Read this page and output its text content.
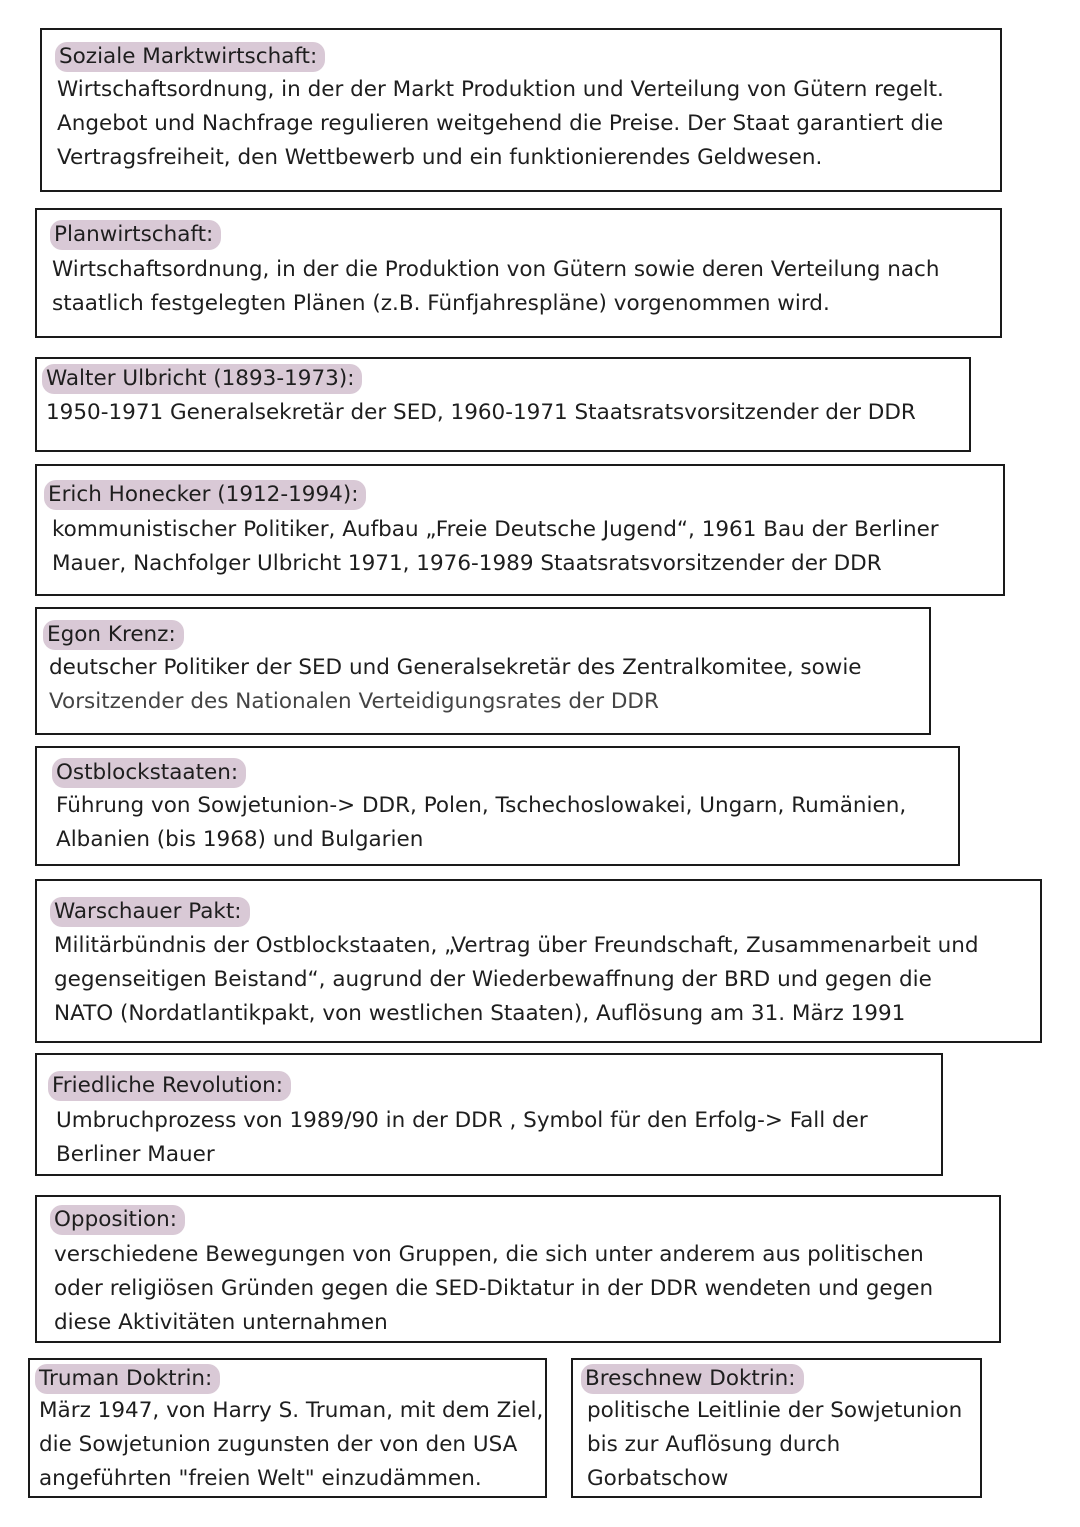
Soziale Marktwirtschaft:

Wirtschaftsordnung, in der der Markt Produktion und Verteilung von Gütern regelt.

Angebot und Nachfrage regulieren weitgehend die Preise. Der Staat garantiert die

Vertragsfreiheit, den Wettbewerb und ein funktionierendes Geldwesen.

Planwirtschaft:

Wirtschaftsordnung, in der die Produktion von Gütern sowie deren Verteilung nach

staatlich festgelegten Plänen (z.B. Fünfjahrespläne) vorgenommen wird.

Walter Ulbricht (1893-1973):

1950-1971 Generalsekretär der SED, 1960-1971 Staatsratsvorsitzender der DDR

Erich Honecker (1912-1994):

kommunistischer Politiker, Aufbau „Freie Deutsche Jugend“, 1961 Bau der Berliner

Mauer, Nachfolger Ulbricht 1971, 1976-1989 Staatsratsvorsitzender der DDR

Egon Krenz:

deutscher Politiker der SED und Generalsekretär des Zentralkomitee, sowie

Vorsitzender des Nationalen Verteidigungsrates der DDR

Ostblockstaaten:

Führung von Sowjetunion-> DDR, Polen, Tschechoslowakei, Ungarn, Rumänien,

Albanien (bis 1968) und Bulgarien

Warschauer Pakt:

Militärbündnis der Ostblockstaaten, „Vertrag über Freundschaft, Zusammenarbeit und

gegenseitigen Beistand“, augrund der Wiederbewaffnung der BRD und gegen die

NATO (Nordatlantikpakt, von westlichen Staaten), Auflösung am 31. März 1991

Friedliche Revolution:

Umbruchprozess von 1989/90 in der DDR , Symbol für den Erfolg-> Fall der

Berliner Mauer

Opposition:

verschiedene Bewegungen von Gruppen, die sich unter anderem aus politischen

oder religiösen Gründen gegen die SED-Diktatur in der DDR wendeten und gegen

diese Aktivitäten unternahmen

Truman Doktrin:

März 1947, von Harry S. Truman, mit dem Ziel,

die Sowjetunion zugunsten der von den USA

angeführten "freien Welt" einzudämmen.

Breschnew Doktrin:

politische Leitlinie der Sowjetunion

bis zur Auflösung durch

Gorbatschow
